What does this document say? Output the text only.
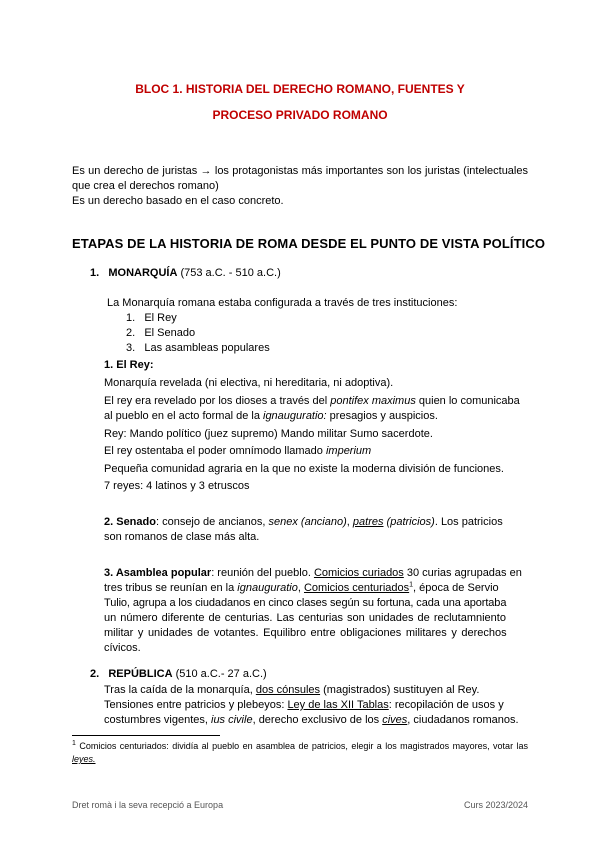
BLOC 1. HISTORIA DEL DERECHO ROMANO, FUENTES Y
PROCESO PRIVADO ROMANO
Es un derecho de juristas → los protagonistas más importantes son los juristas (intelectuales que crea el derechos romano)
Es un derecho basado en el caso concreto.
ETAPAS DE LA HISTORIA DE ROMA DESDE EL PUNTO DE VISTA POLÍTICO
1. MONARQUÍA (753 a.C. - 510 a.C.)
La Monarquía romana estaba configurada a través de tres instituciones:
1.   El Rey
2.   El Senado
3.   Las asambleas populares
1. El Rey:
Monarquía revelada (ni electiva, ni hereditaria, ni adoptiva).
El rey era revelado por los dioses a través del pontifex maximus quien lo comunicaba
al pueblo en el acto formal de la ignauguratio: presagios y auspicios.
Rey: Mando político (juez supremo) Mando militar Sumo sacerdote.
El rey ostentaba el poder omnímodo llamado imperium
Pequeña comunidad agraria en la que no existe la moderna división de funciones.
7 reyes: 4 latinos y 3 etruscos
2. Senado: consejo de ancianos, senex (anciano), patres (patricios). Los patricios
son romanos de clase más alta.
3. Asamblea popular: reunión del pueblo. Comicios curiados 30 curias agrupadas en
tres tribus se reunían en la ignauguratio, Comicios centuriados$^1$, época de Servio
Tulio, agrupa a los ciudadanos en cinco clases según su fortuna, cada una aportaba
un número diferente de centurias. Las centurias son unidades de reclutamniento
militar y unidades de votantes. Equilibro entre obligaciones militares y derechos
cívicos.
2. REPÚBLICA (510 a.C.- 27 a.C.)
Tras la caída de la monarquía, dos cónsules (magistrados) sustituyen al Rey.
Tensiones entre patricios y plebeyos: Ley de las XII Tablas: recopilación de usos y
costumbres vigentes, ius civile, derecho exclusivo de los cives, ciudadanos romanos.
$^1$ Comicios centuriados: dividía al pueblo en asamblea de patricios, elegir a los magistrados mayores, votar las leyes.
Dret romà i la seva recepció a Europa	Curs 2023/2024
